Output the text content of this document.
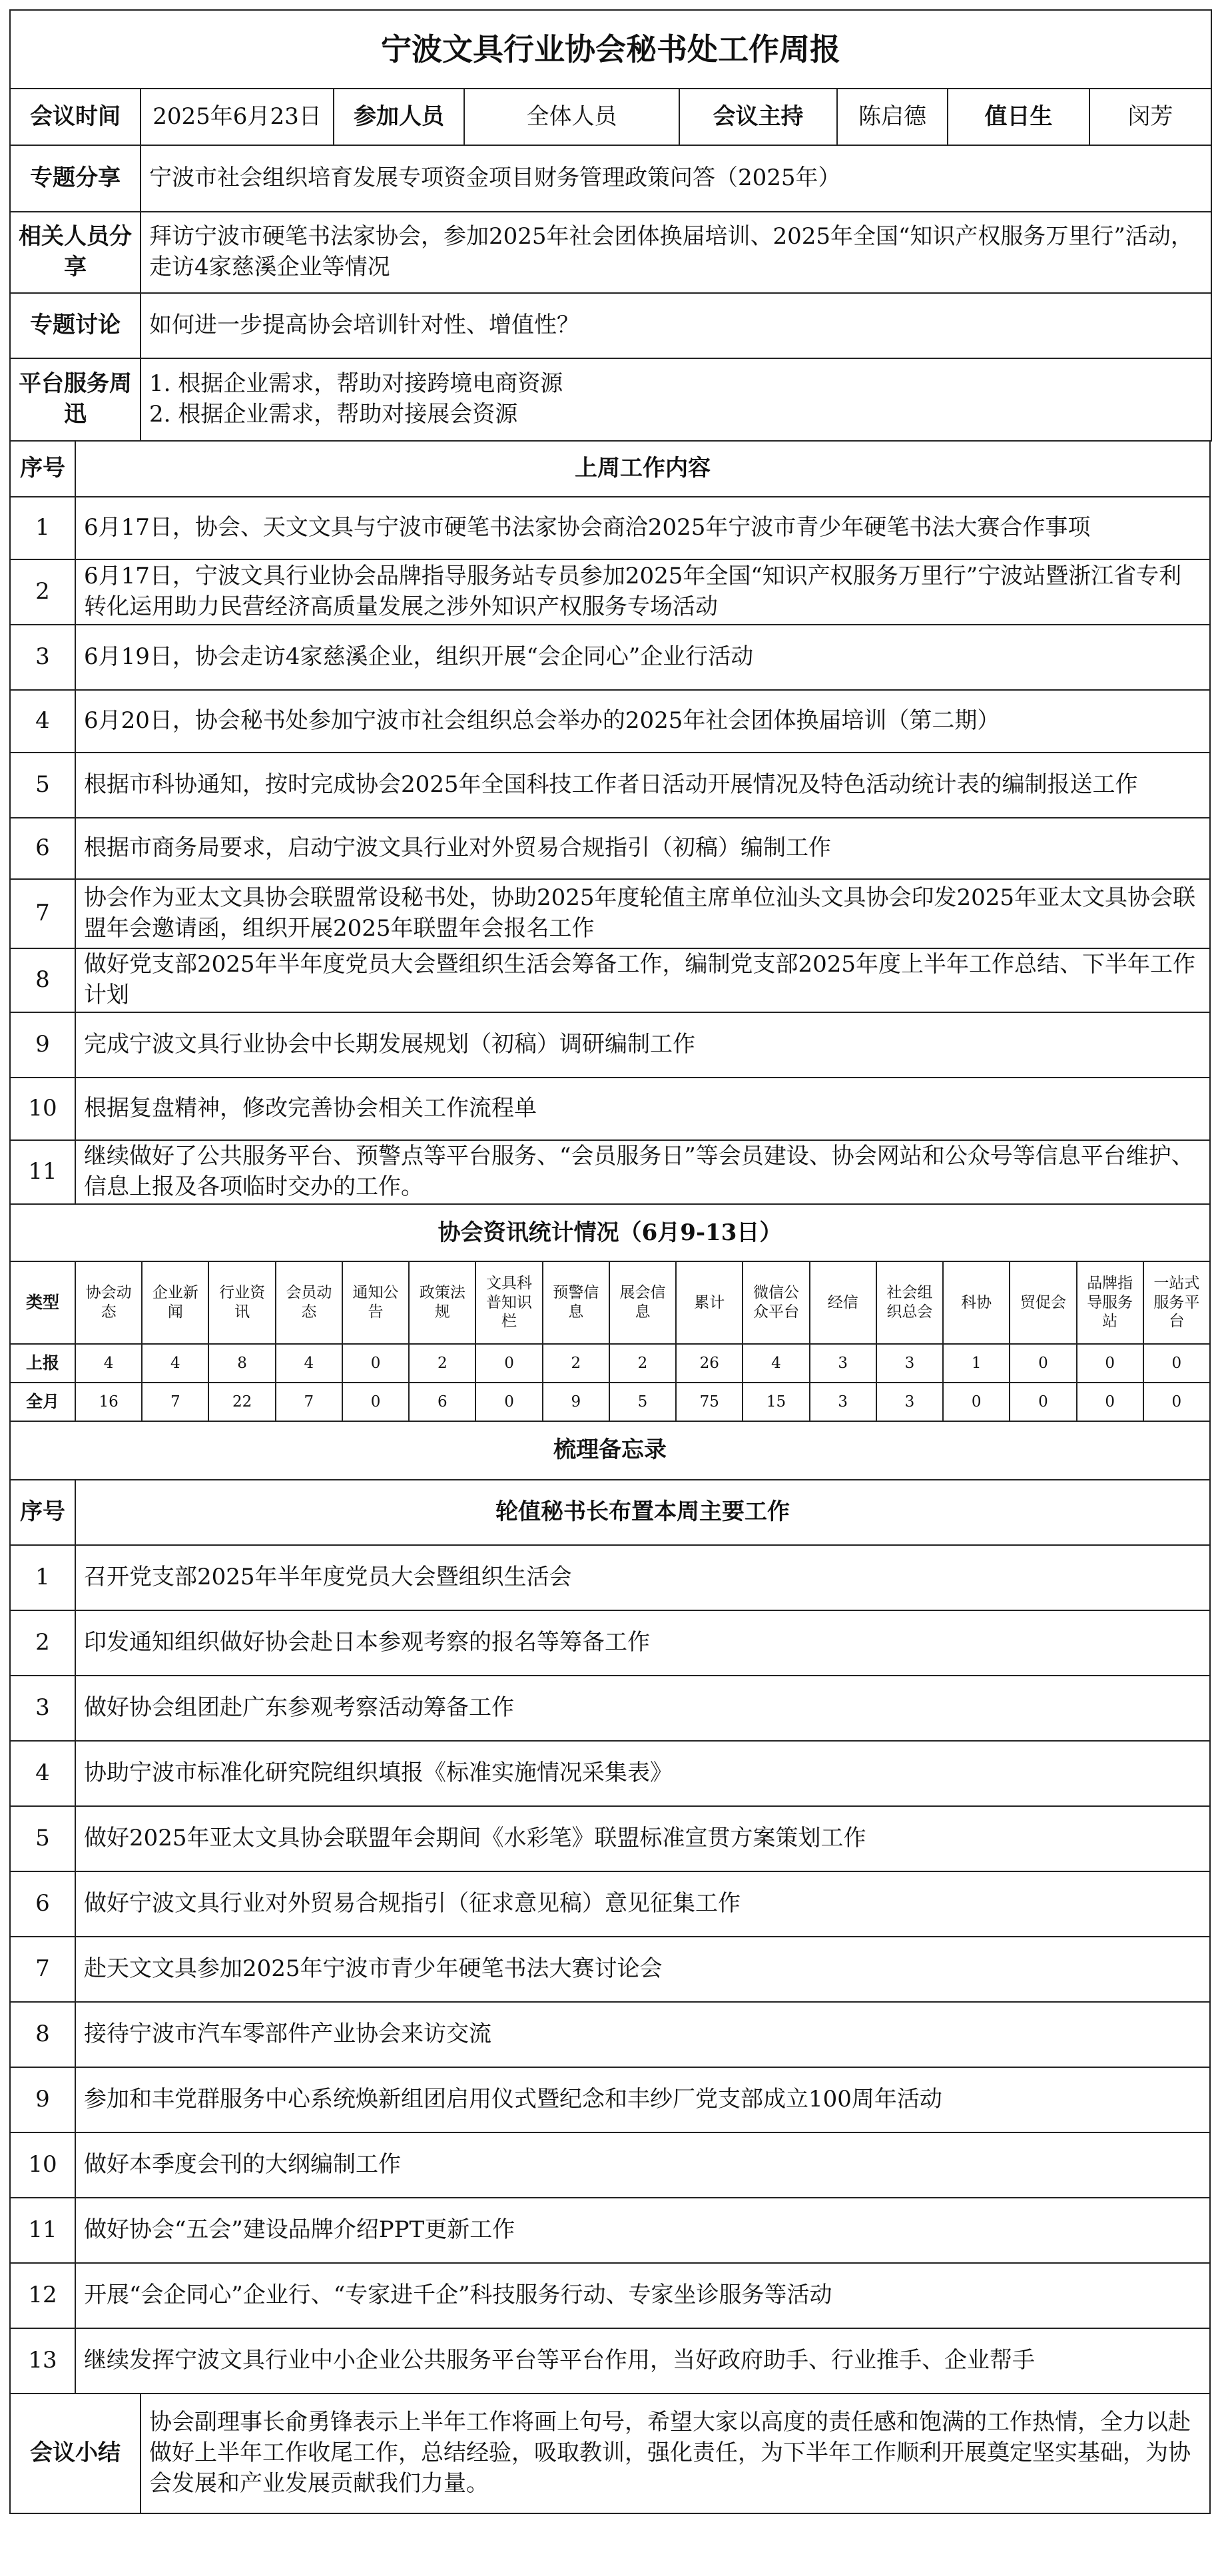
宁波文具行业协会秘书处工作周报							
会议时间	2025年6月23日	参加人员	全体人员	会议主持	陈启德	值日生	闵芳
专题分享	宁波市社会组织培育发展专项资金项目财务管理政策问答（2025年）						
相关人员分享	拜访宁波市硬笔书法家协会，参加2025年社会团体换届培训、2025年全国“知识产权服务万里行”活动，走访4家慈溪企业等情况						
专题讨论	如何进一步提高协会培训针对性、增值性？						
平台服务周迅	1. 根据企业需求，帮助对接跨境电商资源
2. 根据企业需求，帮助对接展会资源						
序号	上周工作内容
1	6月17日，协会、天文文具与宁波市硬笔书法家协会商洽2025年宁波市青少年硬笔书法大赛合作事项
2	6月17日，宁波文具行业协会品牌指导服务站专员参加2025年全国“知识产权服务万里行”宁波站暨浙江省专利转化运用助力民营经济高质量发展之涉外知识产权服务专场活动
3	6月19日，协会走访4家慈溪企业，组织开展“会企同心”企业行活动
4	6月20日，协会秘书处参加宁波市社会组织总会举办的2025年社会团体换届培训（第二期）
5	根据市科协通知，按时完成协会2025年全国科技工作者日活动开展情况及特色活动统计表的编制报送工作
6	根据市商务局要求，启动宁波文具行业对外贸易合规指引（初稿）编制工作
7	协会作为亚太文具协会联盟常设秘书处，协助2025年度轮值主席单位汕头文具协会印发2025年亚太文具协会联盟年会邀请函，组织开展2025年联盟年会报名工作
8	做好党支部2025年半年度党员大会暨组织生活会筹备工作，编制党支部2025年度上半年工作总结、下半年工作计划
9	完成宁波文具行业协会中长期发展规划（初稿）调研编制工作
10	根据复盘精神，修改完善协会相关工作流程单
11	继续做好了公共服务平台、预警点等平台服务、“会员服务日”等会员建设、协会网站和公众号等信息平台维护、信息上报及各项临时交办的工作。
协会资讯统计情况（6月9-13日）																	
类型	协会动态	企业新闻	行业资讯	会员动态	通知公告	政策法规	文具科普知识栏	预警信息	展会信息	累计	微信公众平台	经信	社会组织总会	科协	贸促会	品牌指导服务站	一站式服务平台
上报	4	4	8	4	0	2	0	2	2	26	4	3	3	1	0	0	0
全月	16	7	22	7	0	6	0	9	5	75	15	3	3	0	0	0	0
梳理备忘录	
序号	轮值秘书长布置本周主要工作
1	召开党支部2025年半年度党员大会暨组织生活会
2	印发通知组织做好协会赴日本参观考察的报名等筹备工作
3	做好协会组团赴广东参观考察活动筹备工作
4	协助宁波市标准化研究院组织填报《标准实施情况采集表》
5	做好2025年亚太文具协会联盟年会期间《水彩笔》联盟标准宣贯方案策划工作
6	做好宁波文具行业对外贸易合规指引（征求意见稿）意见征集工作
7	赴天文文具参加2025年宁波市青少年硬笔书法大赛讨论会
8	接待宁波市汽车零部件产业协会来访交流
9	参加和丰党群服务中心系统焕新组团启用仪式暨纪念和丰纱厂党支部成立100周年活动
10	做好本季度会刊的大纲编制工作
11	做好协会“五会”建设品牌介绍PPT更新工作
12	开展“会企同心”企业行、“专家进千企”科技服务行动、专家坐诊服务等活动
13	继续发挥宁波文具行业中小企业公共服务平台等平台作用，当好政府助手、行业推手、企业帮手
会议小结	协会副理事长俞勇锋表示上半年工作将画上句号，希望大家以高度的责任感和饱满的工作热情，全力以赴做好上半年工作收尾工作，总结经验，吸取教训，强化责任，为下半年工作顺利开展奠定坚实基础，为协会发展和产业发展贡献我们力量。
